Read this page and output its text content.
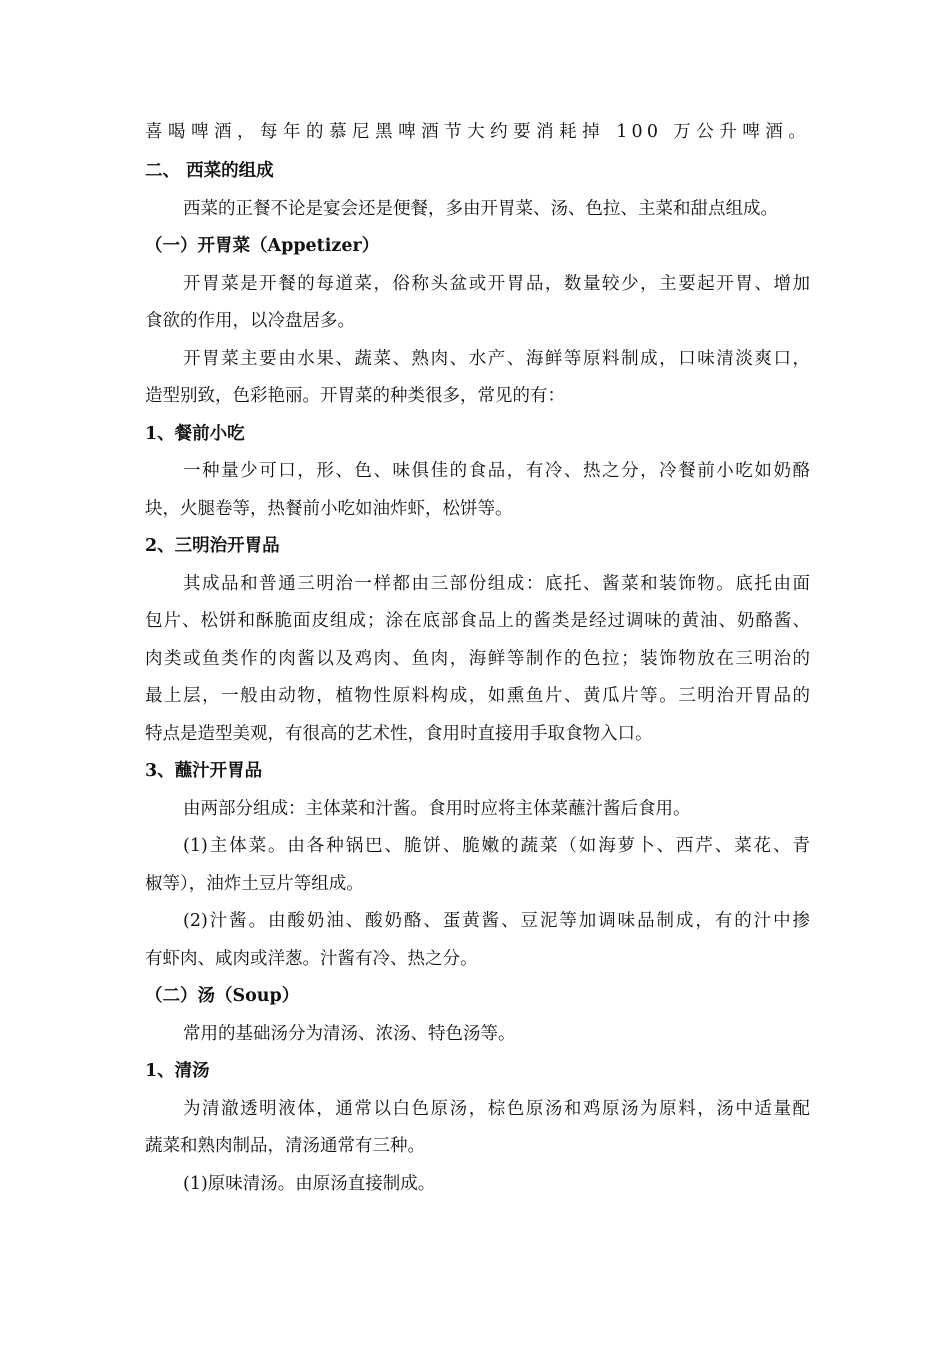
喜喝啤酒，每年的慕尼黑啤酒节大约要消耗掉 100 万公升啤酒。
二、 西菜的组成
西菜的正餐不论是宴会还是便餐，多由开胃菜、汤、色拉、主菜和甜点组成。
（一）开胃菜（Appetizer）
开胃菜是开餐的每道菜，俗称头盆或开胃品，数量较少，主要起开胃、增加
食欲的作用，以冷盘居多。
开胃菜主要由水果、蔬菜、熟肉、水产、海鲜等原料制成，口味清淡爽口，
造型别致，色彩艳丽。开胃菜的种类很多，常见的有：
1、餐前小吃
一种量少可口，形、色、味俱佳的食品，有冷、热之分，冷餐前小吃如奶酪
块，火腿卷等，热餐前小吃如油炸虾，松饼等。
2、三明治开胃品
其成品和普通三明治一样都由三部份组成：底托、酱菜和装饰物。底托由面
包片、松饼和酥脆面皮组成；涂在底部食品上的酱类是经过调味的黄油、奶酪酱、
肉类或鱼类作的肉酱以及鸡肉、鱼肉，海鲜等制作的色拉；装饰物放在三明治的
最上层，一般由动物，植物性原料构成，如熏鱼片、黄瓜片等。三明治开胃品的
特点是造型美观，有很高的艺术性，食用时直接用手取食物入口。
3、蘸汁开胃品
由两部分组成：主体菜和汁酱。食用时应将主体菜蘸汁酱后食用。
(1)主体菜。由各种锅巴、脆饼、脆嫩的蔬菜（如海萝卜、西芹、菜花、青
椒等），油炸土豆片等组成。
(2)汁酱。由酸奶油、酸奶酪、蛋黄酱、豆泥等加调味品制成，有的汁中掺
有虾肉、咸肉或洋葱。汁酱有冷、热之分。
（二）汤（Soup）
常用的基础汤分为清汤、浓汤、特色汤等。
1、清汤
为清澈透明液体，通常以白色原汤，棕色原汤和鸡原汤为原料，汤中适量配
蔬菜和熟肉制品，清汤通常有三种。
(1)原味清汤。由原汤直接制成。
